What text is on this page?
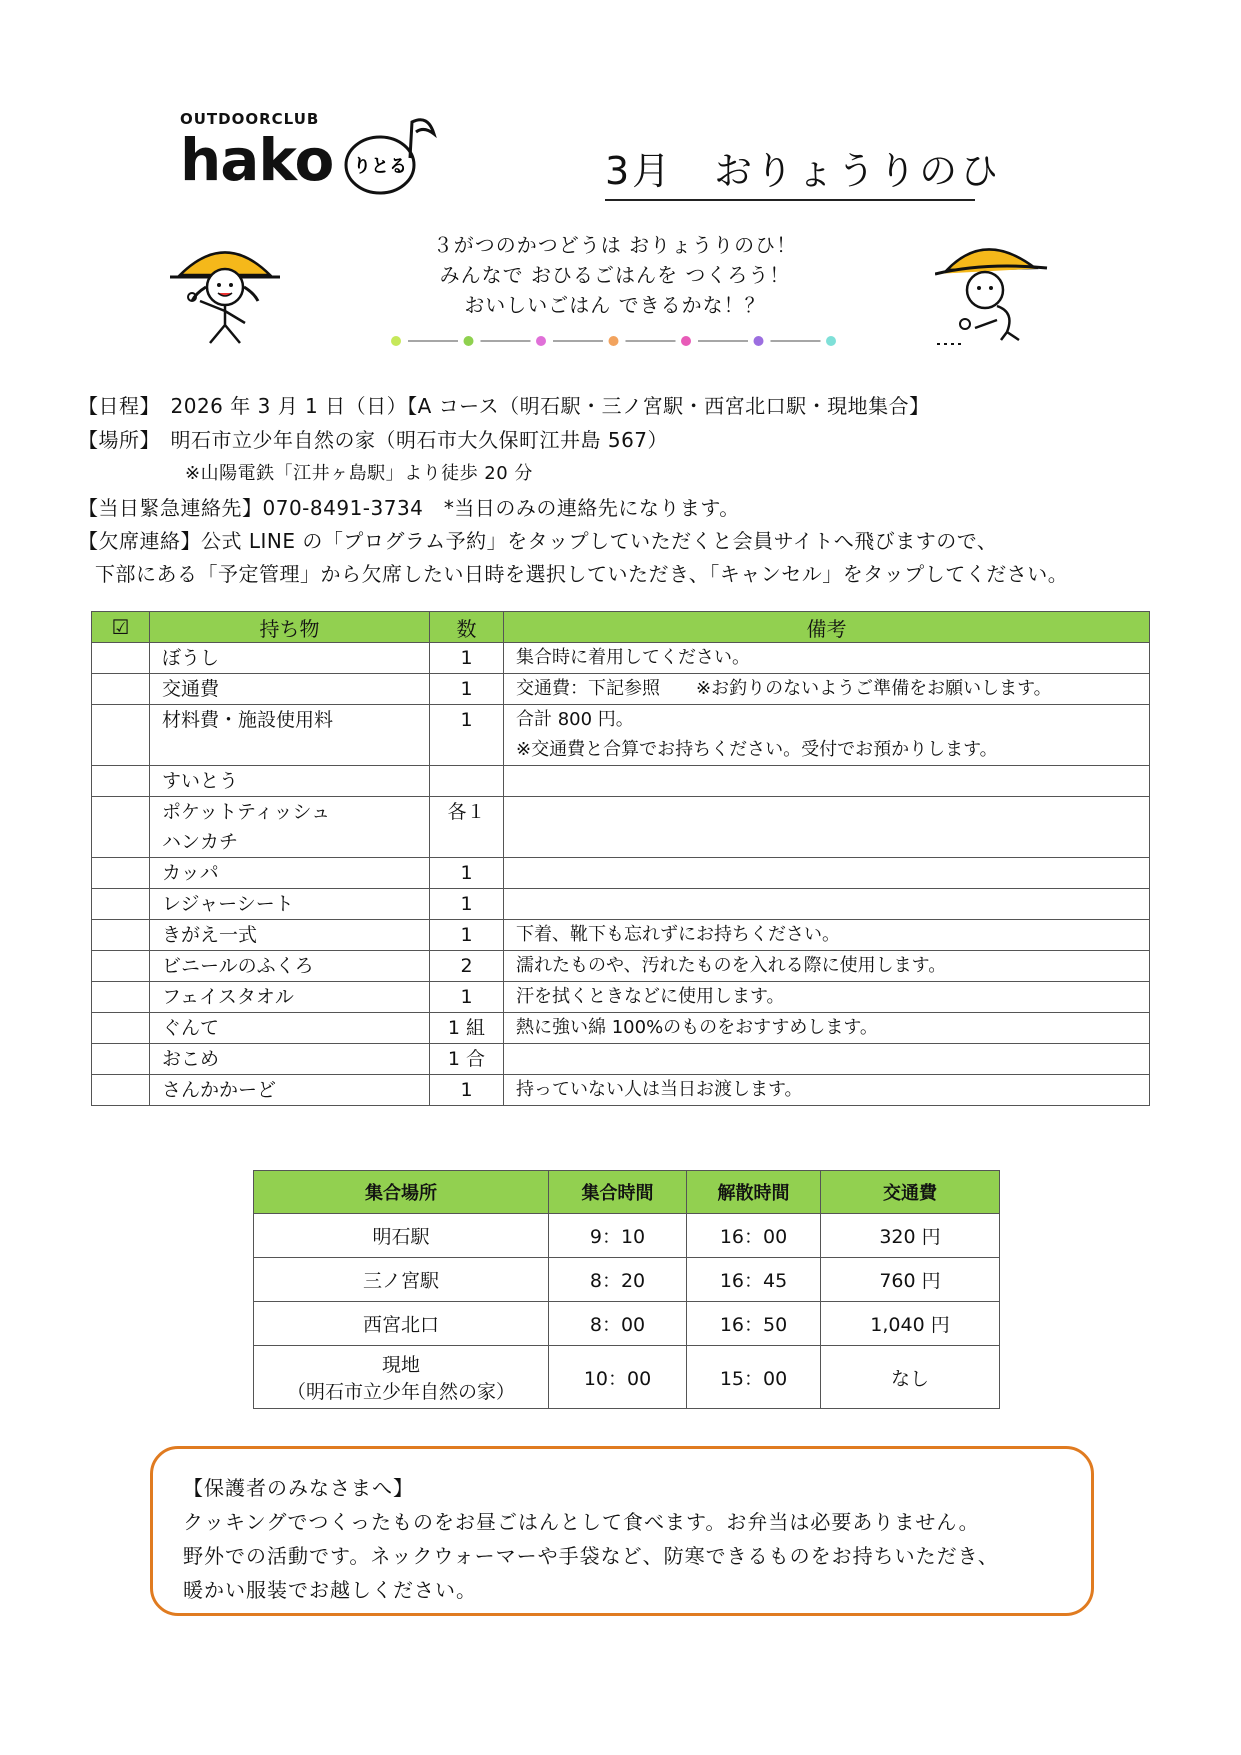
OUTDOORCLUB
hako りとる	3月　おりょうりのひ
３がつのかつどうは おりょうりのひ！
みんなで おひるごはんを つくろう！
おいしいごはん できるかな！？
【日程】　2026 年 3 月 1 日（日）【A コース（明石駅・三ノ宮駅・西宮北口駅・現地集合】
【場所】　明石市立少年自然の家（明石市大久保町江井島 567）
※山陽電鉄「江井ヶ島駅」より徒歩 20 分
【当日緊急連絡先】070-8491-3734　*当日のみの連絡先になります。
【欠席連絡】公式 LINE の「プログラム予約」をタップしていただくと会員サイトへ飛びますので、
下部にある「予定管理」から欠席したい日時を選択していただき、「キャンセル」をタップしてください。
☑	持ち物	数	備考

	ぼうし	1	集合時に着用してください。

	交通費	1	交通費：下記参照　　※お釣りのないようご準備をお願いします。

	材料費・施設使用料	1	合計 800 円。
※交通費と合算でお持ちください。受付でお預かりします。

	すいとう		

	ポケットティッシュ
ハンカチ	各１	

	カッパ	1	

	レジャーシート	1	

	きがえ一式	1	下着、靴下も忘れずにお持ちください。

	ビニールのふくろ	2	濡れたものや、汚れたものを入れる際に使用します。

	フェイスタオル	1	汗を拭くときなどに使用します。

	ぐんて	1 組	熱に強い綿 100%のものをおすすめします。

	おこめ	1 合	

	さんかかーど	1	持っていない人は当日お渡します。
集合場所	集合時間	解散時間	交通費

明石駅	9：10	16：00	320 円

三ノ宮駅	8：20	16：45	760 円

西宮北口	8：00	16：50	1,040 円

現地
（明石市立少年自然の家）	10：00	15：00	なし
【保護者のみなさまへ】
クッキングでつくったものをお昼ごはんとして食べます。お弁当は必要ありません。
野外での活動です。ネックウォーマーや手袋など、防寒できるものをお持ちいただき、
暖かい服装でお越しください。
